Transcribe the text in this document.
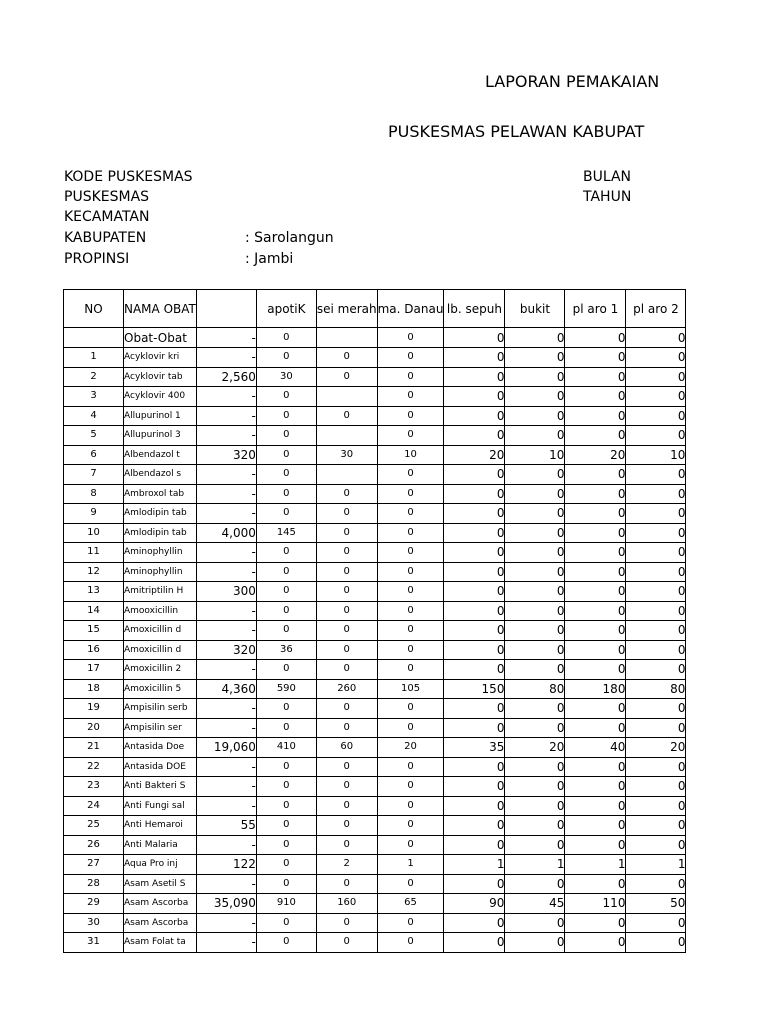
LAPORAN PEMAKAIAN
PUSKESMAS PELAWAN KABUPAT
KODE PUSKESMAS
PUSKESMAS
KECAMATAN
KABUPATEN	: Sarolangun
PROPINSI	: Jambi
BULAN
TAHUN
NO	NAMA OBAT		apotiK	sei merah	ma. Danau	lb. sepuh	bukit	pl aro 1	pl aro 2
	Obat-Obat	-	0		0	0	0	0	0
1	Acyklovir kri	-	0	0	0	0	0	0	0
2	Acyklovir tab	2,560	30	0	0	0	0	0	0
3	Acyklovir 400	-	0		0	0	0	0	0
4	Allupurinol 1	-	0	0	0	0	0	0	0
5	Allupurinol 3	-	0		0	0	0	0	0
6	Albendazol t	320	0	30	10	20	10	20	10
7	Albendazol s	-	0		0	0	0	0	0
8	Ambroxol tab	-	0	0	0	0	0	0	0
9	Amlodipin tab	-	0	0	0	0	0	0	0
10	Amlodipin tab	4,000	145	0	0	0	0	0	0
11	Aminophyllin	-	0	0	0	0	0	0	0
12	Aminophyllin	-	0	0	0	0	0	0	0
13	Amitriptilin H	300	0	0	0	0	0	0	0
14	Amooxicillin	-	0	0	0	0	0	0	0
15	Amoxicillin d	-	0	0	0	0	0	0	0
16	Amoxicillin d	320	36	0	0	0	0	0	0
17	Amoxicillin 2	-	0	0	0	0	0	0	0
18	Amoxicillin 5	4,360	590	260	105	150	80	180	80
19	Ampisilin serb	-	0	0	0	0	0	0	0
20	Ampisilin ser	-	0	0	0	0	0	0	0
21	Antasida Doe	19,060	410	60	20	35	20	40	20
22	Antasida DOE	-	0	0	0	0	0	0	0
23	Anti Bakteri S	-	0	0	0	0	0	0	0
24	Anti Fungi sal	-	0	0	0	0	0	0	0
25	Anti Hemaroi	55	0	0	0	0	0	0	0
26	Anti Malaria	-	0	0	0	0	0	0	0
27	Aqua Pro inj	122	0	2	1	1	1	1	1
28	Asam Asetil S	-	0	0	0	0	0	0	0
29	Asam Ascorba	35,090	910	160	65	90	45	110	50
30	Asam Ascorba	-	0	0	0	0	0	0	0
31	Asam Folat ta	-	0	0	0	0	0	0	0
